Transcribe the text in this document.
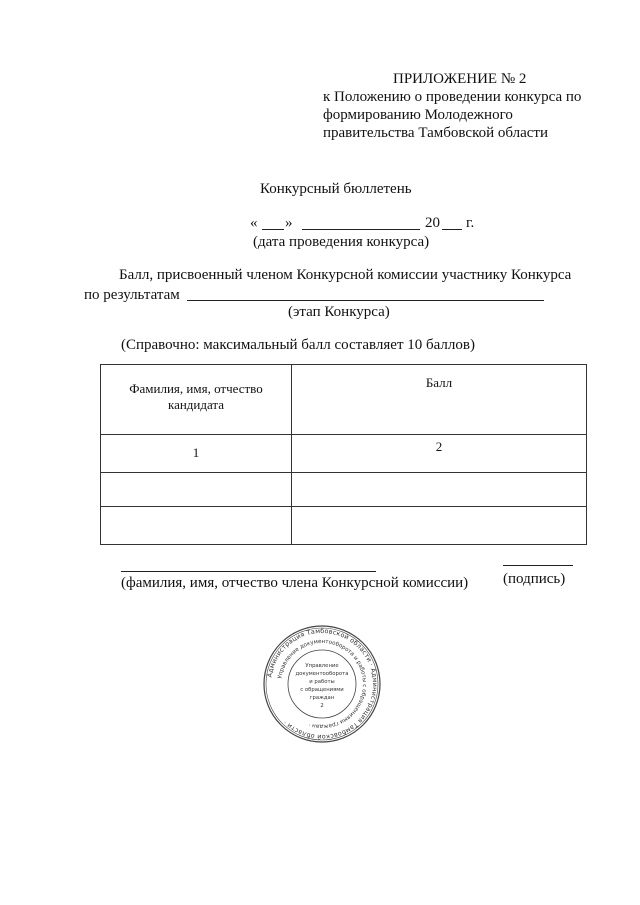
ПРИЛОЖЕНИЕ № 2
к Положению о проведении конкурса по
формированию Молодежного
правительства Тамбовской области
Конкурсный бюллетень
« »	20 г.
(дата проведения конкурса)
Балл, присвоенный членом Конкурсной комиссии участнику Конкурса
по результатам
(этап Конкурса)
(Справочно: максимальный балл составляет 10 баллов)
Фамилия, имя, отчество кандидата	Балл
1	2

(фамилия, имя, отчество члена Конкурсной комиссии) (подпись)
Администрация Тамбовской области · Администрация Тамбовской области ·
Управление документооборота и работы с обращениями граждан ·
Управление
документооборота
и работы
с обращениями
граждан
2
